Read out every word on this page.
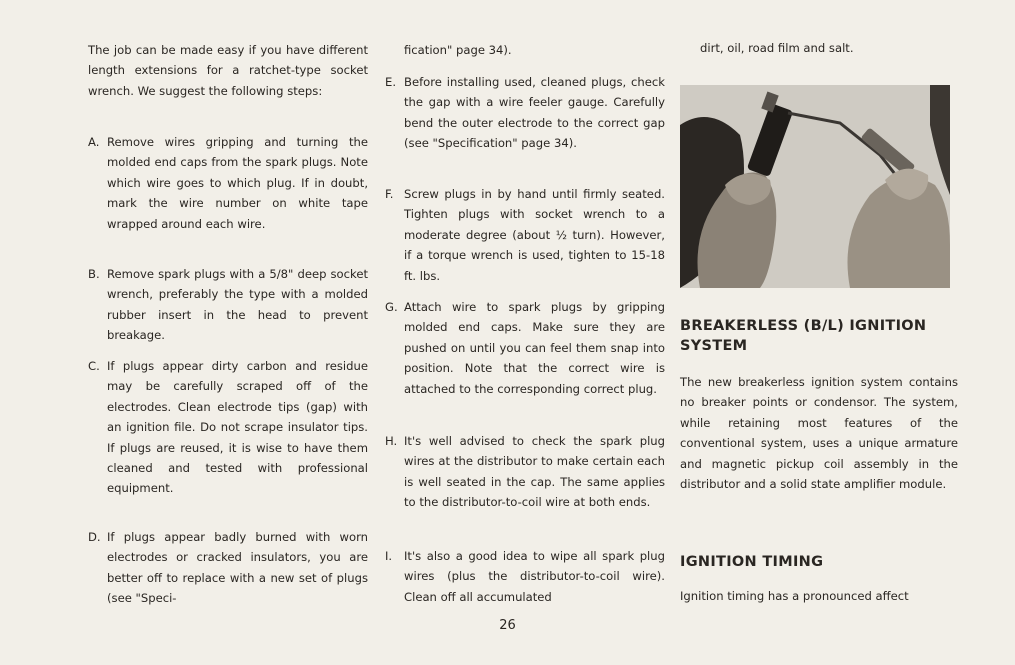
The job can be made easy if you have different length extensions for a ratchet-type socket wrench. We suggest the following steps:

A. Remove wires gripping and turning the molded end caps from the spark plugs. Note which wire goes to which plug. If in doubt, mark the wire number on white tape wrapped around each wire.
B. Remove spark plugs with a 5/8" deep socket wrench, preferably the type with a molded rubber insert in the head to prevent breakage.
C. If plugs appear dirty carbon and residue may be carefully scraped off of the electrodes. Clean electrode tips (gap) with an ignition file. Do not scrape insulator tips. If plugs are reused, it is wise to have them cleaned and tested with professional equipment.
D. If plugs appear badly burned with worn electrodes or cracked insulators, you are better off to replace with a new set of plugs (see "Speci-

fication" page 34).

E. Before installing used, cleaned plugs, check the gap with a wire feeler gauge. Carefully bend the outer electrode to the correct gap (see "Specification" page 34).
F. Screw plugs in by hand until firmly seated. Tighten plugs with socket wrench to a moderate degree (about ½ turn). However, if a torque wrench is used, tighten to 15-18 ft. lbs.
G. Attach wire to spark plugs by gripping molded end caps. Make sure they are pushed on until you can feel them snap into position. Note that the correct wire is attached to the corresponding correct plug.
H. It's well advised to check the spark plug wires at the distributor to make certain each is well seated in the cap. The same applies to the distributor-to-coil wire at both ends.
I.	It's also a good idea to wipe all spark plug wires (plus the distributor-to-coil wire). Clean off all accumulated

dirt, oil, road film and salt.

BREAKERLESS (B/L) IGNITION

SYSTEM

The new breakerless ignition system contains no breaker points or condensor. The system, while retaining most features of the conventional system, uses a unique armature and magnetic pickup coil assembly in the distributor and a solid state amplifier module.

IGNITION TIMING

Ignition timing has a pronounced affect

26
